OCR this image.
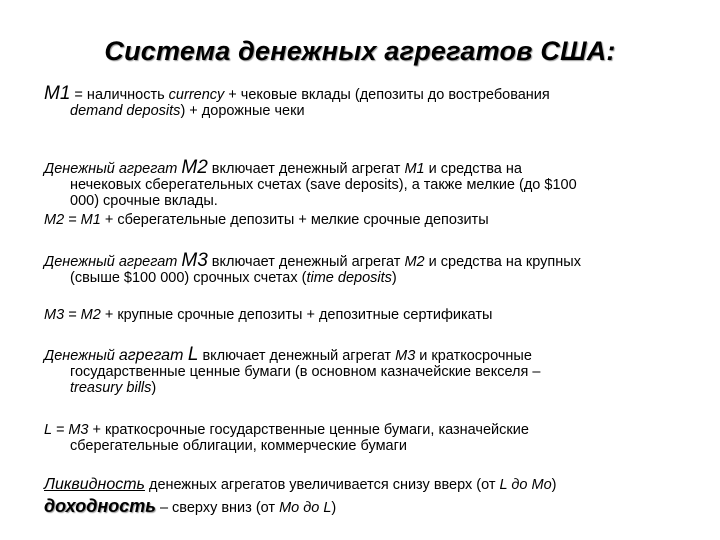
Система денежных агрегатов США:
M1 = наличность currency + чековые вклады (депозиты до востребования
demand deposits) + дорожные чеки
Денежный агрегат M2 включает денежный агрегат M1 и средства на
нечековых сберегательных счетах (save deposits), а также мелкие (до $100
000) срочные вклады.
M2 = M1 + сберегательные депозиты + мелкие срочные депозиты
Денежный агрегат M3 включает денежный агрегат M2 и средства на крупных
(свыше $100 000) срочных счетах (time deposits)
M3 = M2 + крупные срочные депозиты + депозитные сертификаты
Денежный агрегат L включает денежный агрегат M3 и краткосрочные
государственные ценные бумаги (в основном казначейские векселя –
treasury bills)
L = M3 + краткосрочные государственные ценные бумаги, казначейские
сберегательные облигации, коммерческие бумаги
Ликвидность денежных агрегатов увеличивается снизу вверх (от L до Mo)
доходность – сверху вниз (от Mo до L)
